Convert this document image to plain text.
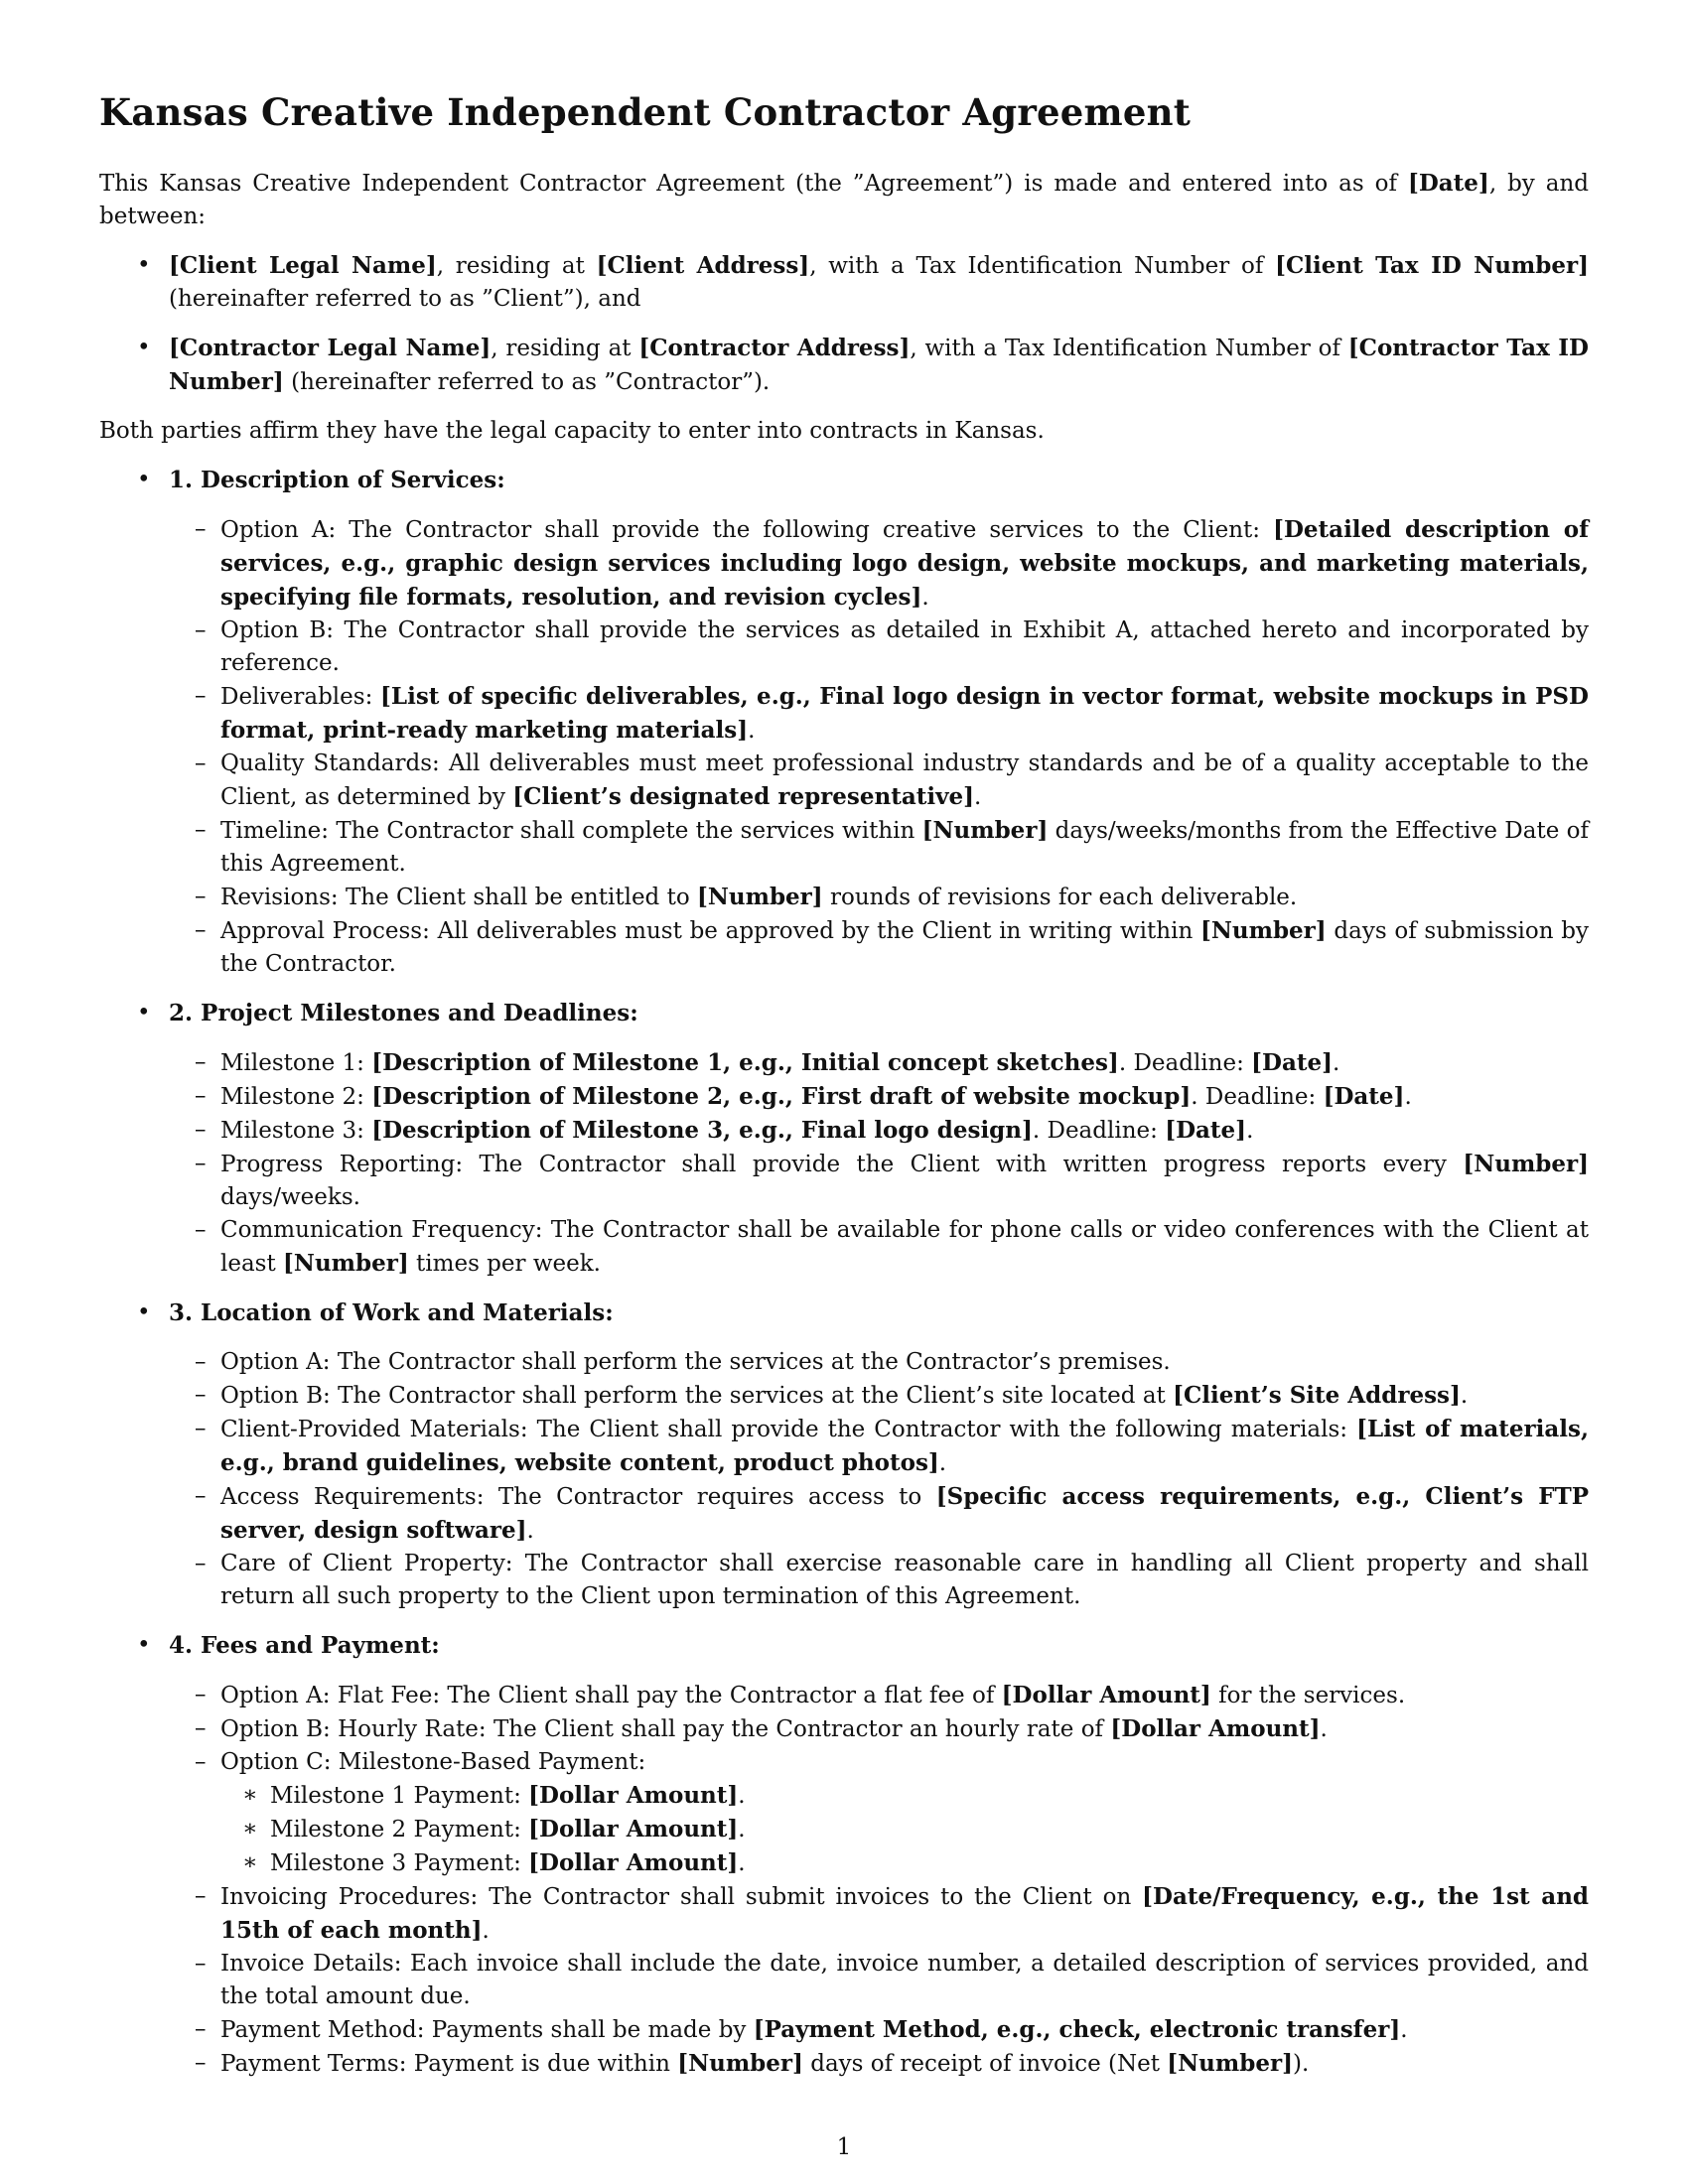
Kansas Creative Independent Contractor Agreement

This Kansas Creative Independent Contractor Agreement (the ”Agreement”) is made and entered into as of [Date], by and between:

• [Client Legal Name], residing at [Client Address], with a Tax Identification Number of [Client Tax ID Number] (hereinafter referred to as ”Client”), and
• [Contractor Legal Name], residing at [Contractor Address], with a Tax Identification Number of [Contractor Tax ID Number] (hereinafter referred to as ”Contractor”).

Both parties affirm they have the legal capacity to enter into contracts in Kansas.

• 1. Description of Services:
– Option A: The Contractor shall provide the following creative services to the Client: [Detailed description of services, e.g., graphic design services including logo design, website mockups, and marketing materials, specifying file formats, resolution, and revision cycles].
– Option B: The Contractor shall provide the services as detailed in Exhibit A, attached hereto and incorporated by reference.
– Deliverables: [List of specific deliverables, e.g., Final logo design in vector format, website mockups in PSD format, print-ready marketing materials].
– Quality Standards: All deliverables must meet professional industry standards and be of a quality acceptable to the Client, as determined by [Client’s designated representative].
– Timeline: The Contractor shall complete the services within [Number] days/weeks/months from the Effective Date of this Agreement.
– Revisions: The Client shall be entitled to [Number] rounds of revisions for each deliverable.
– Approval Process: All deliverables must be approved by the Client in writing within [Number] days of submission by the Contractor.
• 2. Project Milestones and Deadlines:
– Milestone 1: [Description of Milestone 1, e.g., Initial concept sketches]. Deadline: [Date].
– Milestone 2: [Description of Milestone 2, e.g., First draft of website mockup]. Deadline: [Date].
– Milestone 3: [Description of Milestone 3, e.g., Final logo design]. Deadline: [Date].
– Progress Reporting: The Contractor shall provide the Client with written progress reports every [Number] days/weeks.
– Communication Frequency: The Contractor shall be available for phone calls or video conferences with the Client at least [Number] times per week.
• 3. Location of Work and Materials:
– Option A: The Contractor shall perform the services at the Contractor’s premises.
– Option B: The Contractor shall perform the services at the Client’s site located at [Client’s Site Address].
– Client-Provided Materials: The Client shall provide the Contractor with the following materials: [List of materials, e.g., brand guidelines, website content, product photos].
– Access Requirements: The Contractor requires access to [Specific access requirements, e.g., Client’s FTP server, design software].
– Care of Client Property: The Contractor shall exercise reasonable care in handling all Client property and shall return all such property to the Client upon termination of this Agreement.
• 4. Fees and Payment:
– Option A: Flat Fee: The Client shall pay the Contractor a flat fee of [Dollar Amount] for the services.
– Option B: Hourly Rate: The Client shall pay the Contractor an hourly rate of [Dollar Amount].
– Option C: Milestone-Based Payment:
∗ Milestone 1 Payment: [Dollar Amount].
∗ Milestone 2 Payment: [Dollar Amount].
∗ Milestone 3 Payment: [Dollar Amount].
– Invoicing Procedures: The Contractor shall submit invoices to the Client on [Date/Frequency, e.g., the 1st and 15th of each month].
– Invoice Details: Each invoice shall include the date, invoice number, a detailed description of services provided, and the total amount due.
– Payment Method: Payments shall be made by [Payment Method, e.g., check, electronic transfer].
– Payment Terms: Payment is due within [Number] days of receipt of invoice (Net [Number]).
1
